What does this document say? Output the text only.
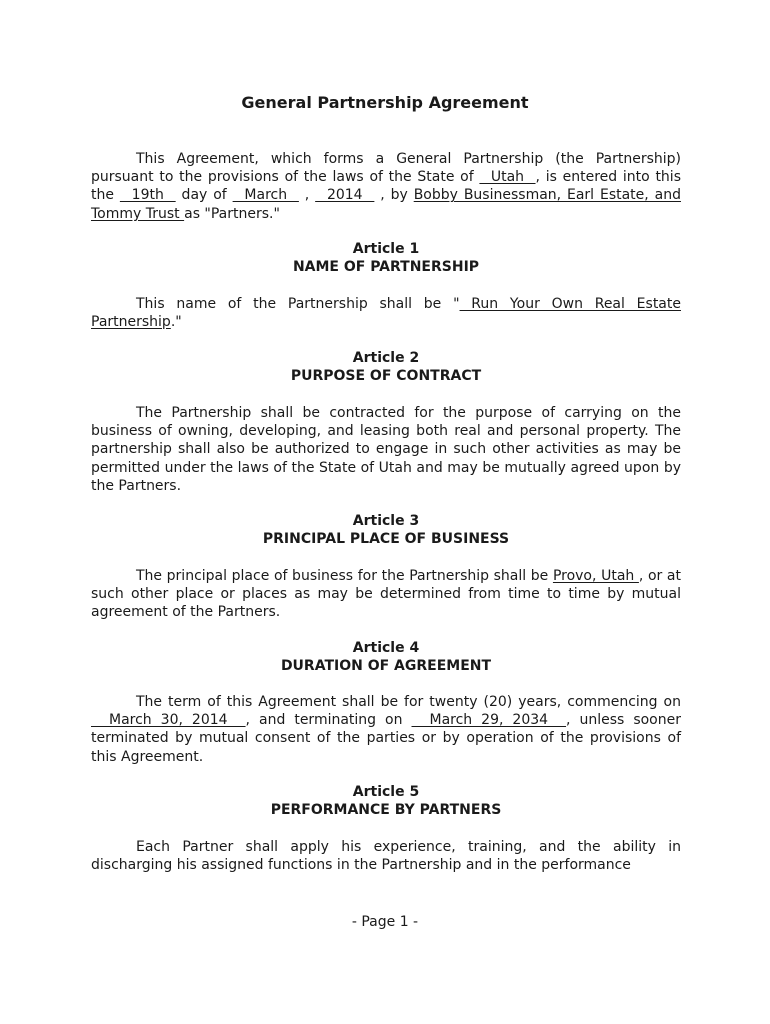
General Partnership Agreement

This Agreement, which forms a General Partnership (the Partnership) pursuant to the provisions of the laws of the State of   Utah  , is entered into this the   19th   day of   March   ,   2014   , by Bobby Businessman, Earl Estate, and Tommy Trust as "Partners."

Article 1
NAME OF PARTNERSHIP

This name of the Partnership shall be " Run Your Own Real Estate Partnership."

Article 2
PURPOSE OF CONTRACT

The Partnership shall be contracted for the purpose of carrying on the business of owning, developing, and leasing both real and personal property. The partnership shall also be authorized to engage in such other activities as may be permitted under the laws of the State of Utah and may be mutually agreed upon by the Partners.

Article 3
PRINCIPAL PLACE OF BUSINESS

The principal place of business for the Partnership shall be Provo, Utah , or at such other place or places as may be determined from time to time by mutual agreement of the Partners.

Article 4
DURATION OF AGREEMENT

The term of this Agreement shall be for twenty (20) years, commencing on   March 30, 2014  , and terminating on   March 29, 2034  , unless sooner terminated by mutual consent of the parties or by operation of the provisions of this Agreement.

Article 5
PERFORMANCE BY PARTNERS

Each Partner shall apply his experience, training, and the ability in discharging his assigned functions in the Partnership and in the performance

- Page 1 -
